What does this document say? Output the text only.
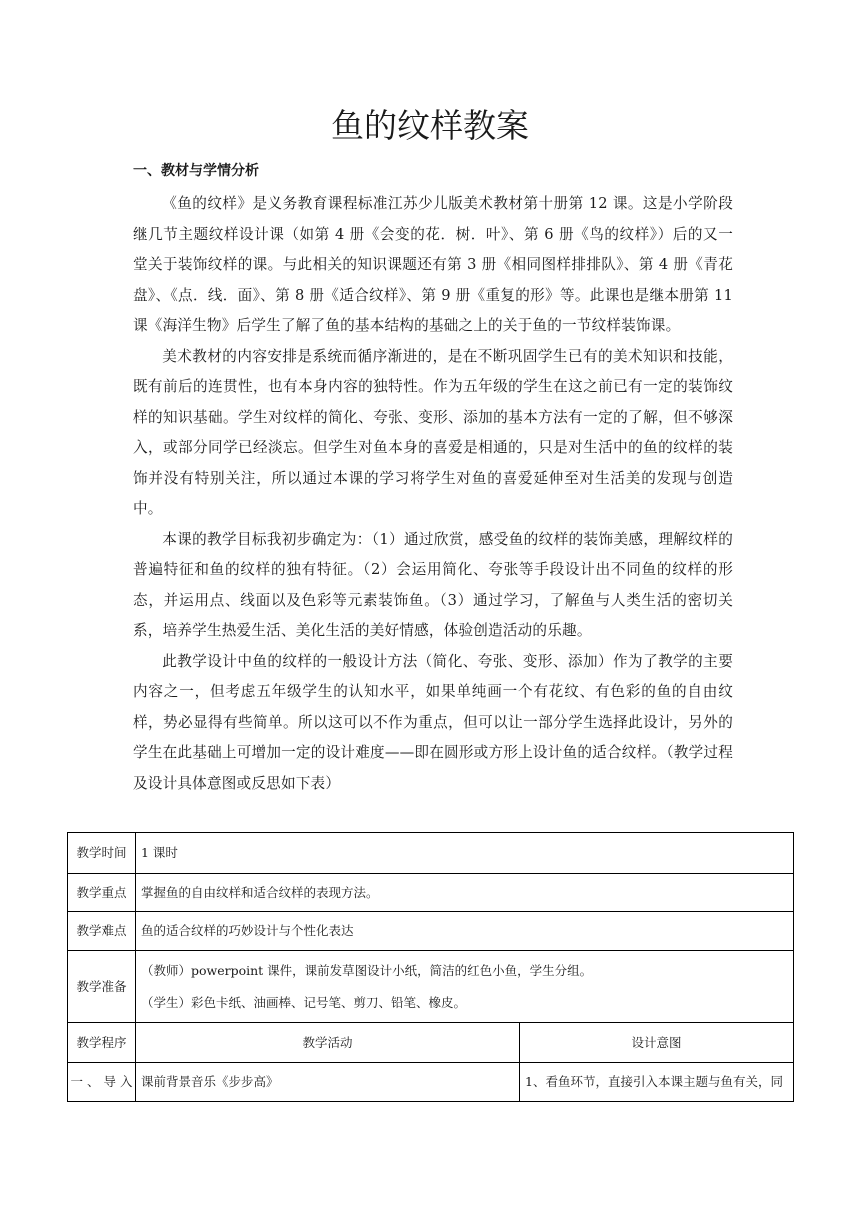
鱼的纹样教案
一、教材与学情分析

《鱼的纹样》是义务教育课程标准江苏少儿版美术教材第十册第 12 课。这是小学阶段继几节主题纹样设计课（如第 4 册《会变的花．树．叶》、第 6 册《鸟的纹样》）后的又一堂关于装饰纹样的课。与此相关的知识课题还有第 3 册《相同图样排排队》、第 4 册《青花盘》、《点．线．面》、第 8 册《适合纹样》、第 9 册《重复的形》等。此课也是继本册第 11 课《海洋生物》后学生了解了鱼的基本结构的基础之上的关于鱼的一节纹样装饰课。

美术教材的内容安排是系统而循序渐进的，是在不断巩固学生已有的美术知识和技能，既有前后的连贯性，也有本身内容的独特性。作为五年级的学生在这之前已有一定的装饰纹样的知识基础。学生对纹样的简化、夸张、变形、添加的基本方法有一定的了解，但不够深入，或部分同学已经淡忘。但学生对鱼本身的喜爱是相通的，只是对生活中的鱼的纹样的装饰并没有特别关注，所以通过本课的学习将学生对鱼的喜爱延伸至对生活美的发现与创造中。

本课的教学目标我初步确定为：（1）通过欣赏，感受鱼的纹样的装饰美感，理解纹样的普遍特征和鱼的纹样的独有特征。（2）会运用简化、夸张等手段设计出不同鱼的纹样的形态，并运用点、线面以及色彩等元素装饰鱼。（3）通过学习，了解鱼与人类生活的密切关系，培养学生热爱生活、美化生活的美好情感，体验创造活动的乐趣。

此教学设计中鱼的纹样的一般设计方法（简化、夸张、变形、添加）作为了教学的主要内容之一，但考虑五年级学生的认知水平，如果单纯画一个有花纹、有色彩的鱼的自由纹样，势必显得有些简单。所以这可以不作为重点，但可以让一部分学生选择此设计，另外的学生在此基础上可增加一定的设计难度——即在圆形或方形上设计鱼的适合纹样。（教学过程及设计具体意图或反思如下表）

教学时间	1 课时	
教学重点	掌握鱼的自由纹样和适合纹样的表现方法。	
教学难点	鱼的适合纹样的巧妙设计与个性化表达	
教学准备	（教师）powerpoint 课件，课前发草图设计小纸，简洁的红色小鱼，学生分组。
（学生）彩色卡纸、油画棒、记号笔、剪刀、铅笔、橡皮。	

教学程序	教学活动	设计意图
一 、 导 入	课前背景音乐《步步高》	1、看鱼环节，直接引入本课主题与鱼有关，同
